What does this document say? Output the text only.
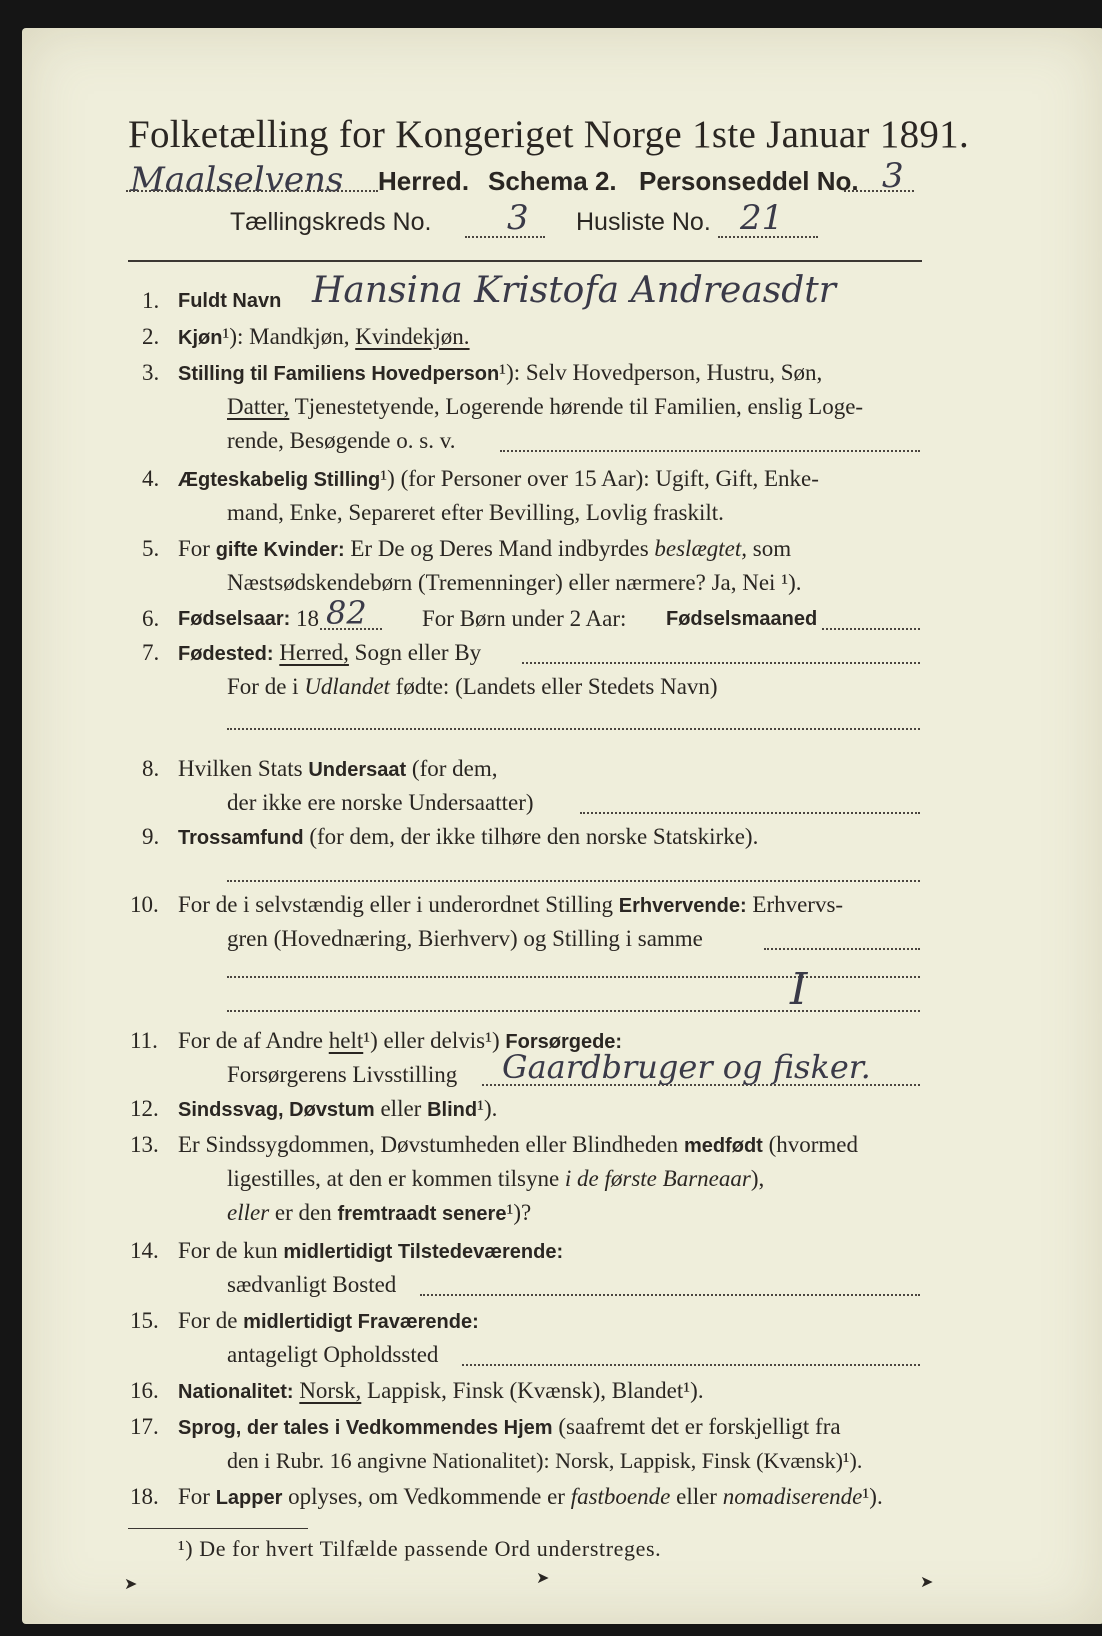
Folketælling for Kongeriget Norge 1ste Januar 1891.
Maalselvens Herred. Schema 2. Personseddel No. 3
Tællingskreds No. 3 Husliste No. 21
1. Fuldt Navn Hansina Kristofa Andreasdtr
2. Kjøn¹): Mandkjøn, Kvindekjøn.
3. Stilling til Familiens Hovedperson¹): Selv Hovedperson, Hustru, Søn,
Datter, Tjenestetyende, Logerende hørende til Familien, enslig Loge-
rende, Besøgende o. s. v.
4. Ægteskabelig Stilling¹) (for Personer over 15 Aar): Ugift, Gift, Enke-
mand, Enke, Separeret efter Bevilling, Lovlig fraskilt.
5. For gifte Kvinder: Er De og Deres Mand indbyrdes beslægtet, som
Næstsødskendebørn (Tremenninger) eller nærmere? Ja, Nei ¹).
6. Fødselsaar: 18 82 For Børn under 2 Aar: Fødselsmaaned
7. Fødested: Herred, Sogn eller By
For de i Udlandet fødte: (Landets eller Stedets Navn)
8. Hvilken Stats Undersaat (for dem,
der ikke ere norske Undersaatter)
9. Trossamfund (for dem, der ikke tilhøre den norske Statskirke).
10. For de i selvstændig eller i underordnet Stilling Erhvervende: Erhvervs-
gren (Hovednæring, Bierhverv) og Stilling i samme
I
11. For de af Andre helt¹) eller delvis¹) Forsørgede:
Forsørgerens Livsstilling Gaardbruger og fisker.
12. Sindssvag, Døvstum eller Blind¹).
13. Er Sindssygdommen, Døvstumheden eller Blindheden medfødt (hvormed
ligestilles, at den er kommen tilsyne i de første Barneaar),
eller er den fremtraadt senere¹)?
14. For de kun midlertidigt Tilstedeværende:
sædvanligt Bosted
15. For de midlertidigt Fraværende:
antageligt Opholdssted
16. Nationalitet: Norsk, Lappisk, Finsk (Kvænsk), Blandet¹).
17. Sprog, der tales i Vedkommendes Hjem (saafremt det er forskjelligt fra
den i Rubr. 16 angivne Nationalitet): Norsk, Lappisk, Finsk (Kvænsk)¹).
18. For Lapper oplyses, om Vedkommende er fastboende eller nomadiserende¹).
¹) De for hvert Tilfælde passende Ord understreges.
➤	➤	➤
